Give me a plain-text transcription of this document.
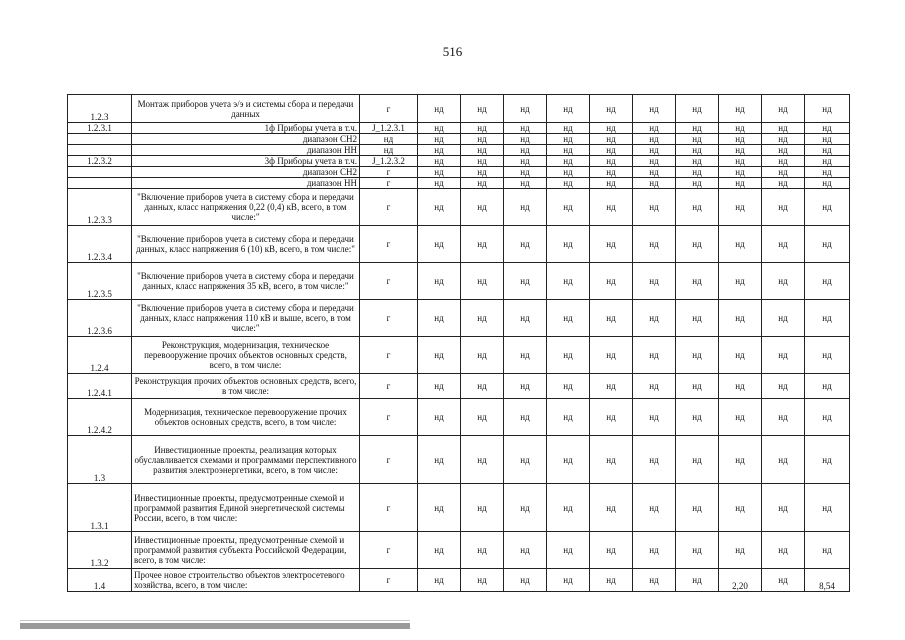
516
1.2.3	Монтаж приборов учета э/э и системы сбора и передачи данных	г	нд	нд	нд	нд	нд	нд	нд	нд	нд	нд
1.2.3.1	1ф Приборы учета в т.ч.	J_1.2.3.1	нд	нд	нд	нд	нд	нд	нд	нд	нд	нд
	диапазон СН2	нд	нд	нд	нд	нд	нд	нд	нд	нд	нд	нд
	диапазон НН	нд	нд	нд	нд	нд	нд	нд	нд	нд	нд	нд
1.2.3.2	3ф Приборы учета в т.ч.	J_1.2.3.2	нд	нд	нд	нд	нд	нд	нд	нд	нд	нд
	диапазон СН2	г	нд	нд	нд	нд	нд	нд	нд	нд	нд	нд
	диапазон НН	г	нд	нд	нд	нд	нд	нд	нд	нд	нд	нд
1.2.3.3	"Включение приборов учета в систему сбора и передачи данных, класс напряжения 0,22 (0,4) кВ, всего, в том числе:"	г	нд	нд	нд	нд	нд	нд	нд	нд	нд	нд
1.2.3.4	"Включение приборов учета в систему сбора и передачи данных, класс напряжения 6 (10) кВ, всего, в том числе:"	г	нд	нд	нд	нд	нд	нд	нд	нд	нд	нд
1.2.3.5	"Включение приборов учета в систему сбора и передачи данных, класс напряжения 35 кВ, всего, в том числе:"	г	нд	нд	нд	нд	нд	нд	нд	нд	нд	нд
1.2.3.6	"Включение приборов учета в систему сбора и передачи данных, класс напряжения 110 кВ и выше, всего, в том числе:"	г	нд	нд	нд	нд	нд	нд	нд	нд	нд	нд
1.2.4	Реконструкция, модернизация, техническое перевооружение прочих объектов основных средств, всего, в том числе:	г	нд	нд	нд	нд	нд	нд	нд	нд	нд	нд
1.2.4.1	Реконструкция прочих объектов основных средств, всего, в том числе:	г	нд	нд	нд	нд	нд	нд	нд	нд	нд	нд
1.2.4.2	Модернизация, техническое перевооружение прочих объектов основных средств, всего, в том числе:	г	нд	нд	нд	нд	нд	нд	нд	нд	нд	нд
1.3	Инвестиционные проекты, реализация которых обуславливается схемами и программами перспективного развития электроэнергетики, всего, в том числе:	г	нд	нд	нд	нд	нд	нд	нд	нд	нд	нд
1.3.1	Инвестиционные проекты, предусмотренные схемой и программой развития Единой энергетической системы России, всего, в том числе:	г	нд	нд	нд	нд	нд	нд	нд	нд	нд	нд
1.3.2	Инвестиционные проекты, предусмотренные схемой и программой развития субъекта Российской Федерации, всего, в том числе:	г	нд	нд	нд	нд	нд	нд	нд	нд	нд	нд
1.4	Прочее новое строительство объектов электросетевого хозяйства, всего, в том числе:	г	нд	нд	нд	нд	нд	нд	нд	2,20	нд	8,54
